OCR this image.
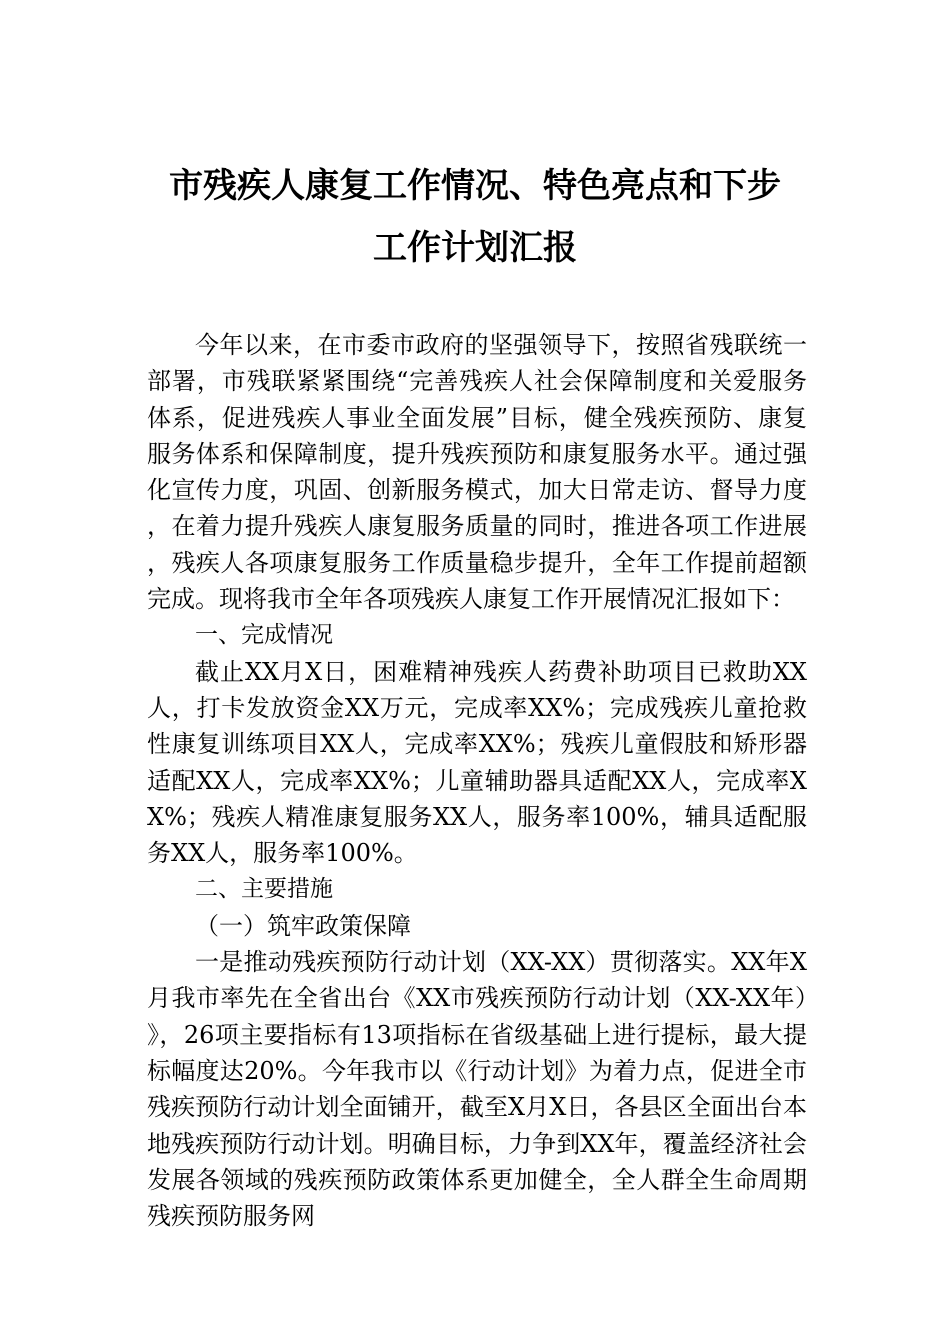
市残疾人康复工作情况、特色亮点和下步
工作计划汇报

今年以来，在市委市政府的坚强领导下，按照省残联统一部署，市残联紧紧围绕“完善残疾人社会保障制度和关爱服务体系，促进残疾人事业全面发展”目标，健全残疾预防、康复服务体系和保障制度，提升残疾预防和康复服务水平。通过强化宣传力度，巩固、创新服务模式，加大日常走访、督导力度，在着力提升残疾人康复服务质量的同时，推进各项工作进展，残疾人各项康复服务工作质量稳步提升，全年工作提前超额完成。现将我市全年各项残疾人康复工作开展情况汇报如下：

一、完成情况

截止XX月X日，困难精神残疾人药费补助项目已救助XX人，打卡发放资金XX万元，完成率XX%；完成残疾儿童抢救性康复训练项目XX人，完成率XX%；残疾儿童假肢和矫形器适配XX人，完成率XX%；儿童辅助器具适配XX人，完成率XX%；残疾人精准康复服务XX人，服务率100%，辅具适配服务XX人，服务率100%。

二、主要措施

（一）筑牢政策保障

一是推动残疾预防行动计划（XX-XX）贯彻落实。XX年X月我市率先在全省出台《XX市残疾预防行动计划（XX-XX年）》，26项主要指标有13项指标在省级基础上进行提标，最大提标幅度达20%。今年我市以《行动计划》为着力点，促进全市残疾预防行动计划全面铺开，截至X月X日，各县区全面出台本地残疾预防行动计划。明确目标，力争到XX年，覆盖经济社会发展各领域的残疾预防政策体系更加健全，全人群全生命周期残疾预防服务网
